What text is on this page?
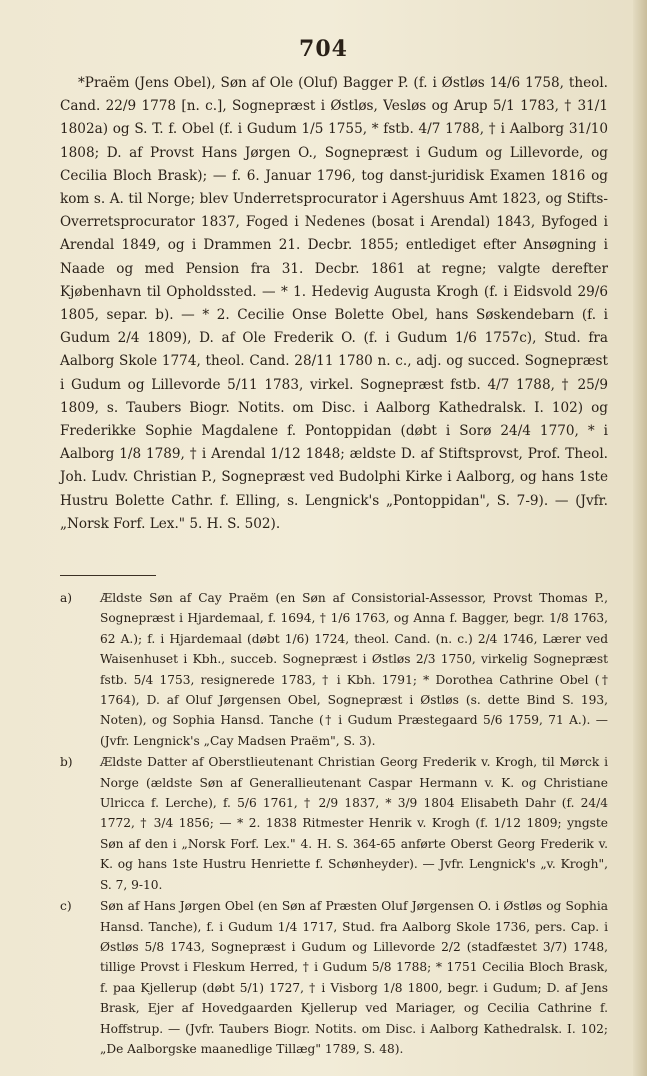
704

*Praëm (Jens Obel), Søn af Ole (Oluf) Bagger P. (f. i Østløs 14/6 1758, theol. Cand. 22/9 1778 [n. c.], Sognepræst i Østløs, Vesløs og Arup 5/1 1783, † 31/1 1802a) og S. T. f. Obel (f. i Gudum 1/5 1755, * fstb. 4/7 1788, † i Aalborg 31/10 1808; D. af Provst Hans Jørgen O., Sognepræst i Gudum og Lillevorde, og Cecilia Bloch Brask); — f. 6. Januar 1796, tog danst-juridisk Examen 1816 og kom s. A. til Norge; blev Underretsprocurator i Agershuus Amt 1823, og Stifts-Overretsprocurator 1837, Foged i Nedenes (bosat i Arendal) 1843, Byfoged i Arendal 1849, og i Drammen 21. Decbr. 1855; entlediget efter Ansøgning i Naade og med Pension fra 31. Decbr. 1861 at regne; valgte derefter Kjøbenhavn til Opholdssted. — * 1. Hedevig Augusta Krogh (f. i Eidsvold 29/6 1805, separ. b). — * 2. Cecilie Onse Bolette Obel, hans Søskendebarn (f. i Gudum 2/4 1809), D. af Ole Frederik O. (f. i Gudum 1/6 1757c), Stud. fra Aalborg Skole 1774, theol. Cand. 28/11 1780 n. c., adj. og succed. Sognepræst i Gudum og Lillevorde 5/11 1783, virkel. Sognepræst fstb. 4/7 1788, † 25/9 1809, s. Taubers Biogr. Notits. om Disc. i Aalborg Kathedralsk. I. 102) og Frederikke Sophie Magdalene f. Pontoppidan (døbt i Sorø 24/4 1770, * i Aalborg 1/8 1789, † i Arendal 1/12 1848; ældste D. af Stiftsprovst, Prof. Theol. Joh. Ludv. Christian P., Sognepræst ved Budolphi Kirke i Aalborg, og hans 1ste Hustru Bolette Cathr. f. Elling, s. Lengnick's „Pontoppidan", S. 7-9). — (Jvfr. „Norsk Forf. Lex." 5. H. S. 502).

a) Ældste Søn af Cay Praëm (en Søn af Consistorial-Assessor, Provst Thomas P., Sognepræst i Hjardemaal, f. 1694, † 1/6 1763, og Anna f. Bagger, begr. 1/8 1763, 62 A.); f. i Hjardemaal (døbt 1/6) 1724, theol. Cand. (n. c.) 2/4 1746, Lærer ved Waisenhuset i Kbh., succeb. Sognepræst i Østløs 2/3 1750, virkelig Sognepræst fstb. 5/4 1753, resignerede 1783, † i Kbh. 1791; * Dorothea Cathrine Obel († 1764), D. af Oluf Jørgensen Obel, Sognepræst i Østløs (s. dette Bind S. 193, Noten), og Sophia Hansd. Tanche († i Gudum Præstegaard 5/6 1759, 71 A.). — (Jvfr. Lengnick's „Cay Madsen Praëm", S. 3).
b) Ældste Datter af Oberstlieutenant Christian Georg Frederik v. Krogh, til Mørck i Norge (ældste Søn af Generallieutenant Caspar Hermann v. K. og Christiane Ulricca f. Lerche), f. 5/6 1761, † 2/9 1837, * 3/9 1804 Elisabeth Dahr (f. 24/4 1772, † 3/4 1856; — * 2. 1838 Ritmester Henrik v. Krogh (f. 1/12 1809; yngste Søn af den i „Norsk Forf. Lex." 4. H. S. 364-65 anførte Oberst Georg Frederik v. K. og hans 1ste Hustru Henriette f. Schønheyder). — Jvfr. Lengnick's „v. Krogh", S. 7, 9-10.
c) Søn af Hans Jørgen Obel (en Søn af Præsten Oluf Jørgensen O. i Østløs og Sophia Hansd. Tanche), f. i Gudum 1/4 1717, Stud. fra Aalborg Skole 1736, pers. Cap. i Østløs 5/8 1743, Sognepræst i Gudum og Lillevorde 2/2 (stadfæstet 3/7) 1748, tillige Provst i Fleskum Herred, † i Gudum 5/8 1788; * 1751 Cecilia Bloch Brask, f. paa Kjellerup (døbt 5/1) 1727, † i Visborg 1/8 1800, begr. i Gudum; D. af Jens Brask, Ejer af Hovedgaarden Kjellerup ved Mariager, og Cecilia Cathrine f. Hoffstrup. — (Jvfr. Taubers Biogr. Notits. om Disc. i Aalborg Kathedralsk. I. 102; „De Aalborgske maanedlige Tillæg" 1789, S. 48).
